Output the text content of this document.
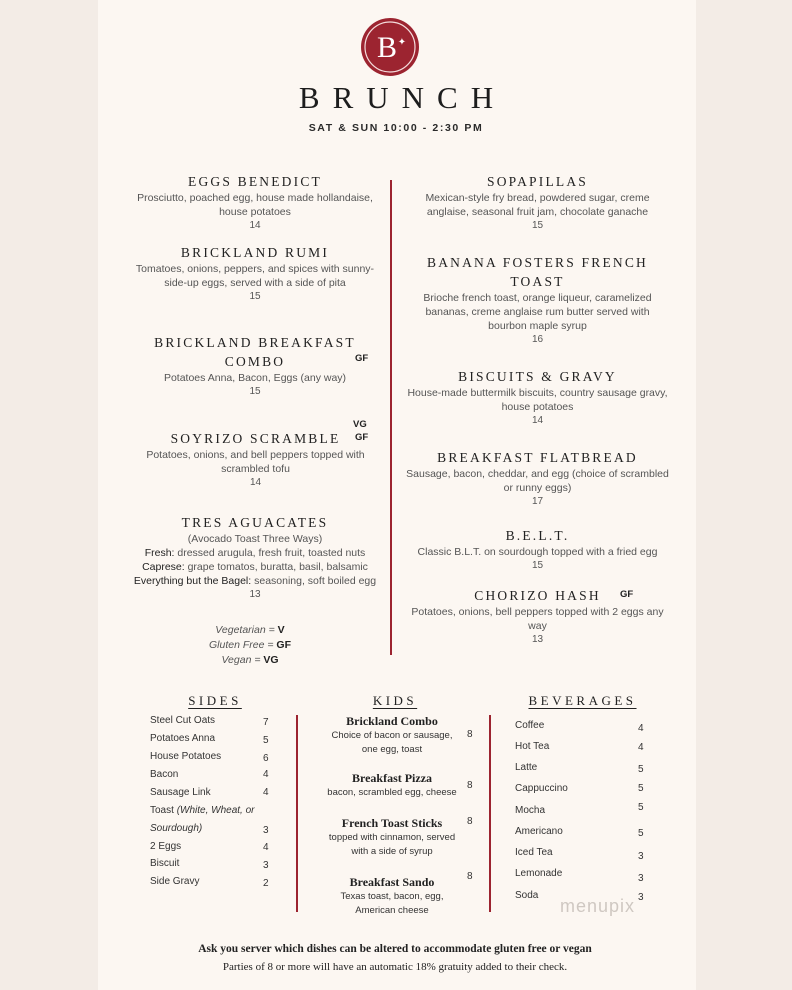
B ✦
BRUNCH
SAT & SUN 10:00 - 2:30 PM
EGGS BENEDICT
Prosciutto, poached egg, house made hollandaise, house potatoes
14
BRICKLAND RUMI
Tomatoes, onions, peppers, and spices with sunny-side-up eggs, served with a side of pita
15
BRICKLAND BREAKFAST COMBO
Potatoes Anna, Bacon, Eggs (any way)
15
GF
SOYRIZO SCRAMBLE
Potatoes, onions, and bell peppers topped with scrambled tofu
14
VG
GF
TRES AGUACATES
(Avocado Toast Three Ways)
Fresh: dressed arugula, fresh fruit, toasted nuts
Caprese: grape tomatos, buratta, basil, balsamic
Everything but the Bagel: seasoning, soft boiled egg
13
Vegetarian = V
Gluten Free = GF
Vegan = VG
SOPAPILLAS
Mexican-style fry bread, powdered sugar, creme anglaise, seasonal fruit jam, chocolate ganache
15
BANANA FOSTERS FRENCH TOAST
Brioche french toast, orange liqueur, caramelized bananas, creme anglaise rum butter served with bourbon maple syrup
16
BISCUITS & GRAVY
House-made buttermilk biscuits, country sausage gravy, house potatoes
14
BREAKFAST FLATBREAD
Sausage, bacon, cheddar, and egg (choice of scrambled or runny eggs)
17
B.E.L.T.
Classic B.L.T. on sourdough topped with a fried egg
15
CHORIZO HASH
Potatoes, onions, bell peppers topped with 2 eggs any way
13
GF
SIDES
Steel Cut Oats	7
Potatoes Anna	5
House Potatoes	6
Bacon	4
Sausage Link	4
Toast (White, Wheat, or
Sourdough)	3
2 Eggs	4
Biscuit	3
Side Gravy	2
KIDS
Brickland Combo
Choice of bacon or sausage,
one egg, toast
8
Breakfast Pizza
bacon, scrambled egg, cheese
8
French Toast Sticks
topped with cinnamon, served
with a side of syrup
8
Breakfast Sando
Texas toast, bacon, egg,
American cheese
8
BEVERAGES
Coffee	4
Hot Tea	4
Latte	5
Cappuccino	5
Mocha	5
Americano	5
Iced Tea	3
Lemonade	3
Soda	3
menupix
Ask you server which dishes can be altered to accommodate gluten free or vegan
Parties of 8 or more will have an automatic 18% gratuity added to their check.
